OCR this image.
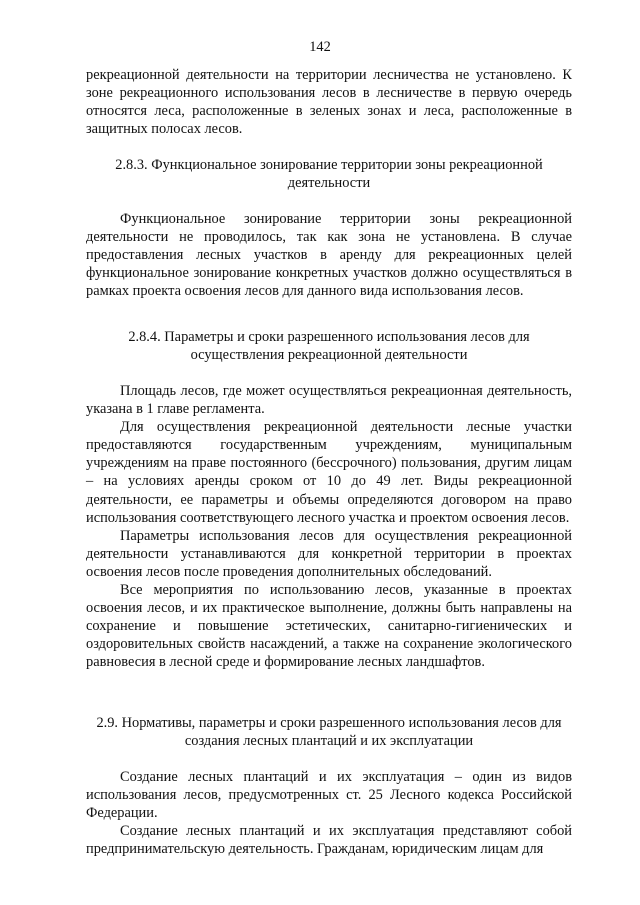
142

рекреационной деятельности на территории лесничества не установлено. К зоне рекреационного использования лесов в лесничестве в первую очередь относятся леса, расположенные в зеленых зонах и леса, расположенные в защитных полосах лесов.

2.8.3. Функциональное зонирование территории зоны рекреационной деятельности

Функциональное зонирование территории зоны рекреационной деятельности не проводилось, так как зона не установлена. В случае предоставления лесных участков в аренду для рекреационных целей функциональное зонирование конкретных участков должно осуществляться в рамках проекта освоения лесов для данного вида использования лесов.

2.8.4. Параметры и сроки разрешенного использования лесов для осуществления рекреационной деятельности

Площадь лесов, где может осуществляться рекреационная деятельность, указана в 1 главе регламента.

Для осуществления рекреационной деятельности лесные участки предоставляются государственным учреждениям, муниципальным учреждениям на праве постоянного (бессрочного) пользования, другим лицам – на условиях аренды сроком от 10 до 49 лет. Виды рекреационной деятельности, ее параметры и объемы определяются договором на право использования соответствующего лесного участка и проектом освоения лесов.

Параметры использования лесов для осуществления рекреационной деятельности устанавливаются для конкретной территории в проектах освоения лесов после проведения дополнительных обследований.

Все мероприятия по использованию лесов, указанные в проектах освоения лесов, и их практическое выполнение, должны быть направлены на сохранение и повышение эстетических, санитарно-гигиенических и оздоровительных свойств насаждений, а также на сохранение экологического равновесия в лесной среде и формирование лесных ландшафтов.

2.9. Нормативы, параметры и сроки разрешенного использования лесов для создания лесных плантаций и их эксплуатации

Создание лесных плантаций и их эксплуатация – один из видов использования лесов, предусмотренных ст. 25 Лесного кодекса Российской Федерации.

Создание лесных плантаций и их эксплуатация представляют собой предпринимательскую деятельность. Гражданам, юридическим лицам для
